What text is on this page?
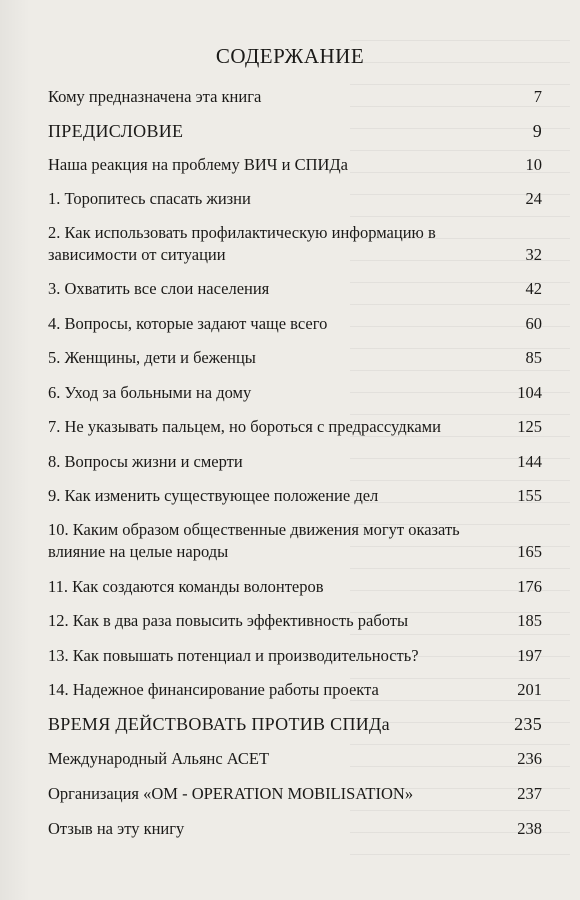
СОДЕРЖАНИЕ
Кому предназначена эта книга	7
ПРЕДИСЛОВИЕ	9
Наша реакция на проблему ВИЧ и СПИДа	10
1. Торопитесь спасать жизни	24
2. Как использовать профилактическую информацию в зависимости от ситуации	32
3. Охватить все слои населения	42
4. Вопросы, которые задают чаще всего	60
5. Женщины, дети и беженцы	85
6. Уход за больными на дому	104
7. Не указывать пальцем, но бороться с предрассудками	125
8. Вопросы жизни и смерти	144
9. Как изменить существующее положение дел	155
10. Каким образом общественные движения могут оказать влияние на целые народы	165
11. Как создаются команды волонтеров	176
12. Как в два раза повысить эффективность работы	185
13. Как повышать потенциал и производительность?	197
14. Надежное финансирование работы проекта	201
ВРЕМЯ ДЕЙСТВОВАТЬ ПРОТИВ СПИДа	235
Международный Альянс АСЕТ	236
Организация «OM - OPERATION MOBILISATION»	237
Отзыв на эту книгу	238
